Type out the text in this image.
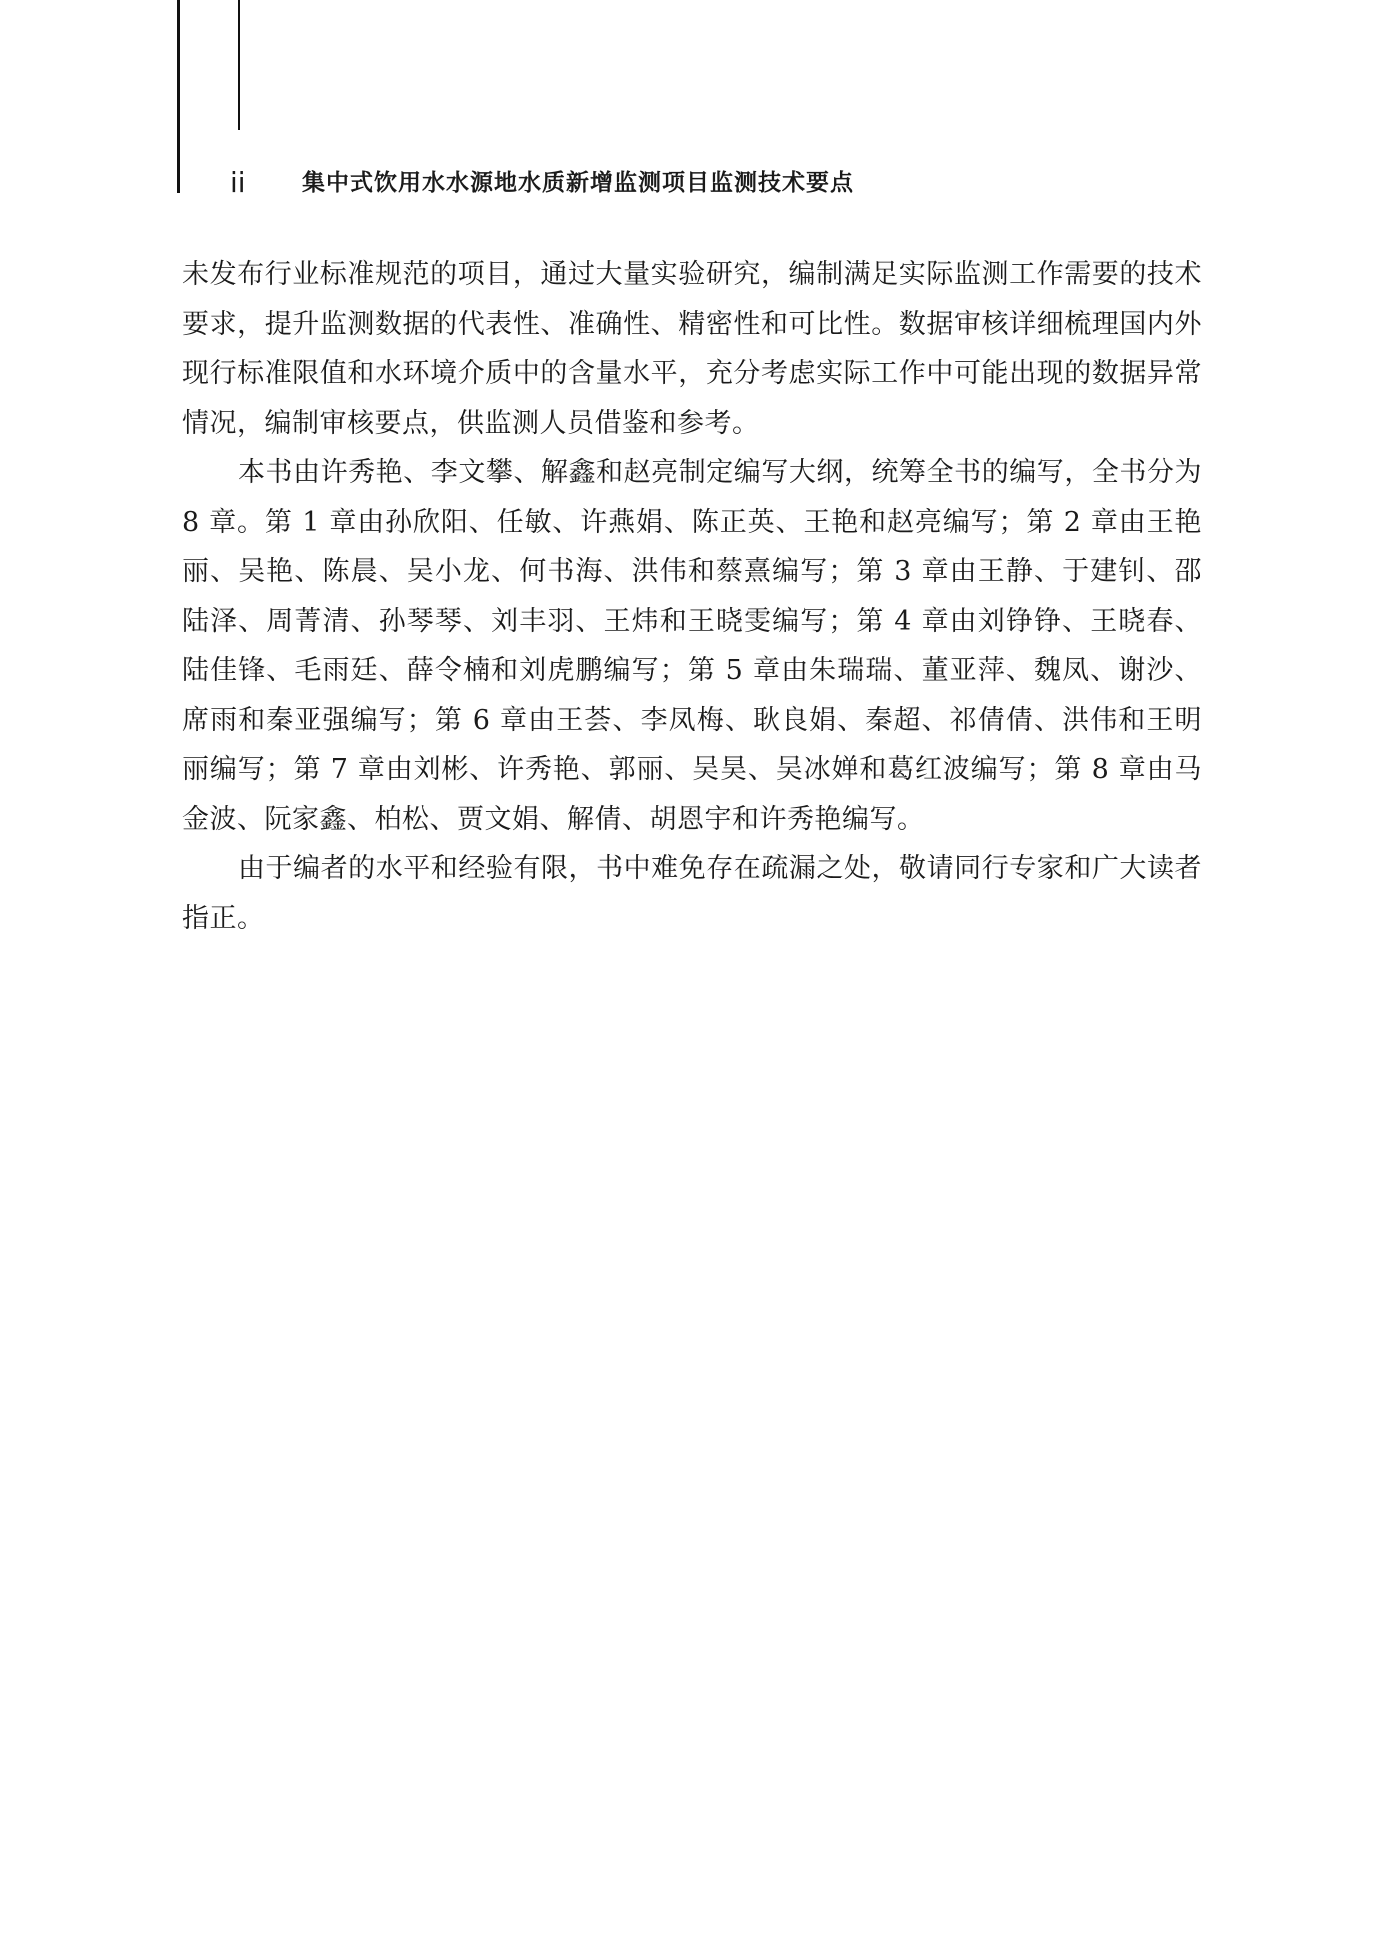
ii 集中式饮用水水源地水质新增监测项目监测技术要点

未发布行业标准规范的项目，通过大量实验研究，编制满足实际监测工作需要的技术要求，提升监测数据的代表性、准确性、精密性和可比性。数据审核详细梳理国内外现行标准限值和水环境介质中的含量水平，充分考虑实际工作中可能出现的数据异常情况，编制审核要点，供监测人员借鉴和参考。

本书由许秀艳、李文攀、解鑫和赵亮制定编写大纲，统筹全书的编写，全书分为 8 章。第 1 章由孙欣阳、任敏、许燕娟、陈正英、王艳和赵亮编写；第 2 章由王艳丽、吴艳、陈晨、吴小龙、何书海、洪伟和蔡熹编写；第 3 章由王静、于建钊、邵陆泽、周菁清、孙琴琴、刘丰羽、王炜和王晓雯编写；第 4 章由刘铮铮、王晓春、陆佳锋、毛雨廷、薛令楠和刘虎鹏编写；第 5 章由朱瑞瑞、董亚萍、魏凤、谢沙、席雨和秦亚强编写；第 6 章由王荟、李凤梅、耿良娟、秦超、祁倩倩、洪伟和王明丽编写；第 7 章由刘彬、许秀艳、郭丽、吴昊、吴冰婵和葛红波编写；第 8 章由马金波、阮家鑫、柏松、贾文娟、解倩、胡恩宇和许秀艳编写。

由于编者的水平和经验有限，书中难免存在疏漏之处，敬请同行专家和广大读者指正。
